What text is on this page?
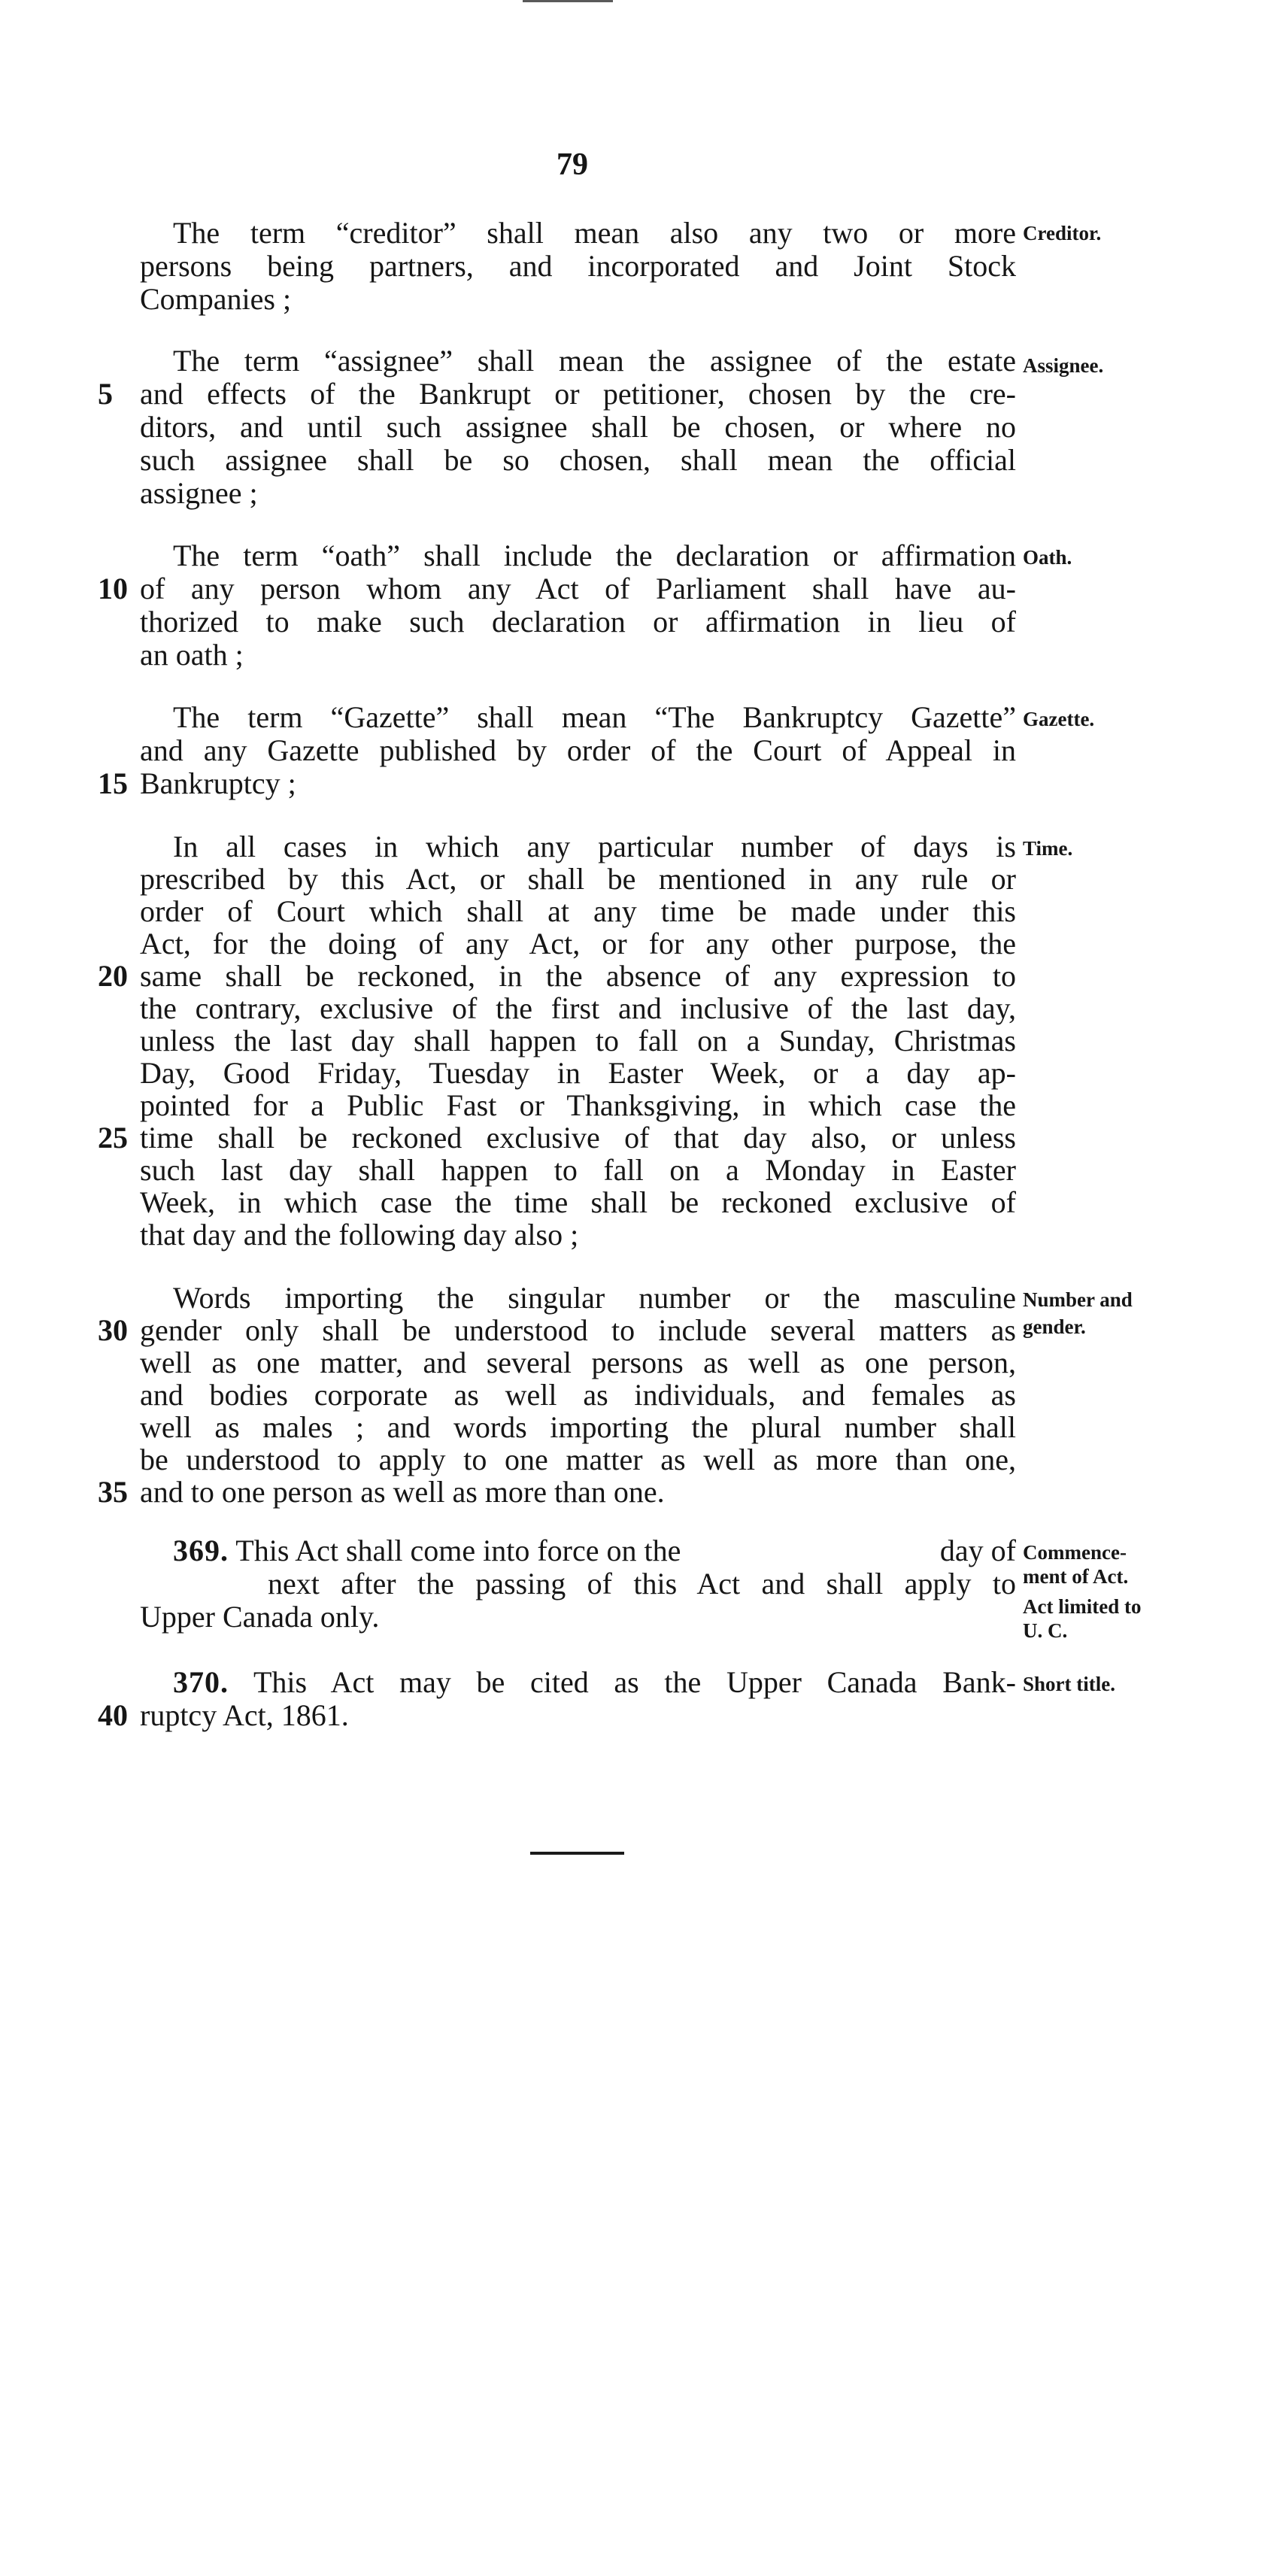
79
The term “creditor” shall mean also any two or more
persons being partners, and incorporated and Joint Stock
Companies ;
Creditor.
The term “assignee” shall mean the assignee of the estate
5 and effects of the Bankrupt or petitioner, chosen by the cre-
ditors, and until such assignee shall be chosen, or where no
such assignee shall be so chosen, shall mean the official
assignee ;
Assignee.
The term “oath” shall include the declaration or affirmation
10 of any person whom any Act of Parliament shall have au-
thorized to make such declaration or affirmation in lieu of
an oath ;
Oath.
The term “Gazette” shall mean “The Bankruptcy Gazette”
and any Gazette published by order of the Court of Appeal in
15 Bankruptcy ;
Gazette.
In all cases in which any particular number of days is
prescribed by this Act, or shall be mentioned in any rule or
order of Court which shall at any time be made under this
Act, for the doing of any Act, or for any other purpose, the
20 same shall be reckoned, in the absence of any expression to
the contrary, exclusive of the first and inclusive of the last day,
unless the last day shall happen to fall on a Sunday, Christmas
Day, Good Friday, Tuesday in Easter Week, or a day ap-
pointed for a Public Fast or Thanksgiving, in which case the
25 time shall be reckoned exclusive of that day also, or unless
such last day shall happen to fall on a Monday in Easter
Week, in which case the time shall be reckoned exclusive of
that day and the following day also ;
Time.
Words importing the singular number or the masculine
30 gender only shall be understood to include several matters as
well as one matter, and several persons as well as one person,
and bodies corporate as well as individuals, and females as
well as males ; and words importing the plural number shall
be understood to apply to one matter as well as more than one,
35 and to one person as well as more than one.
Number and
gender.
369. This Act shall come into force on the	day of
next after the passing of this Act and shall apply to
Upper Canada only.
Commence-
ment of Act.
Act limited to
U. C.
370. This Act may be cited as the Upper Canada Bank-
40 ruptcy Act, 1861.
Short title.
